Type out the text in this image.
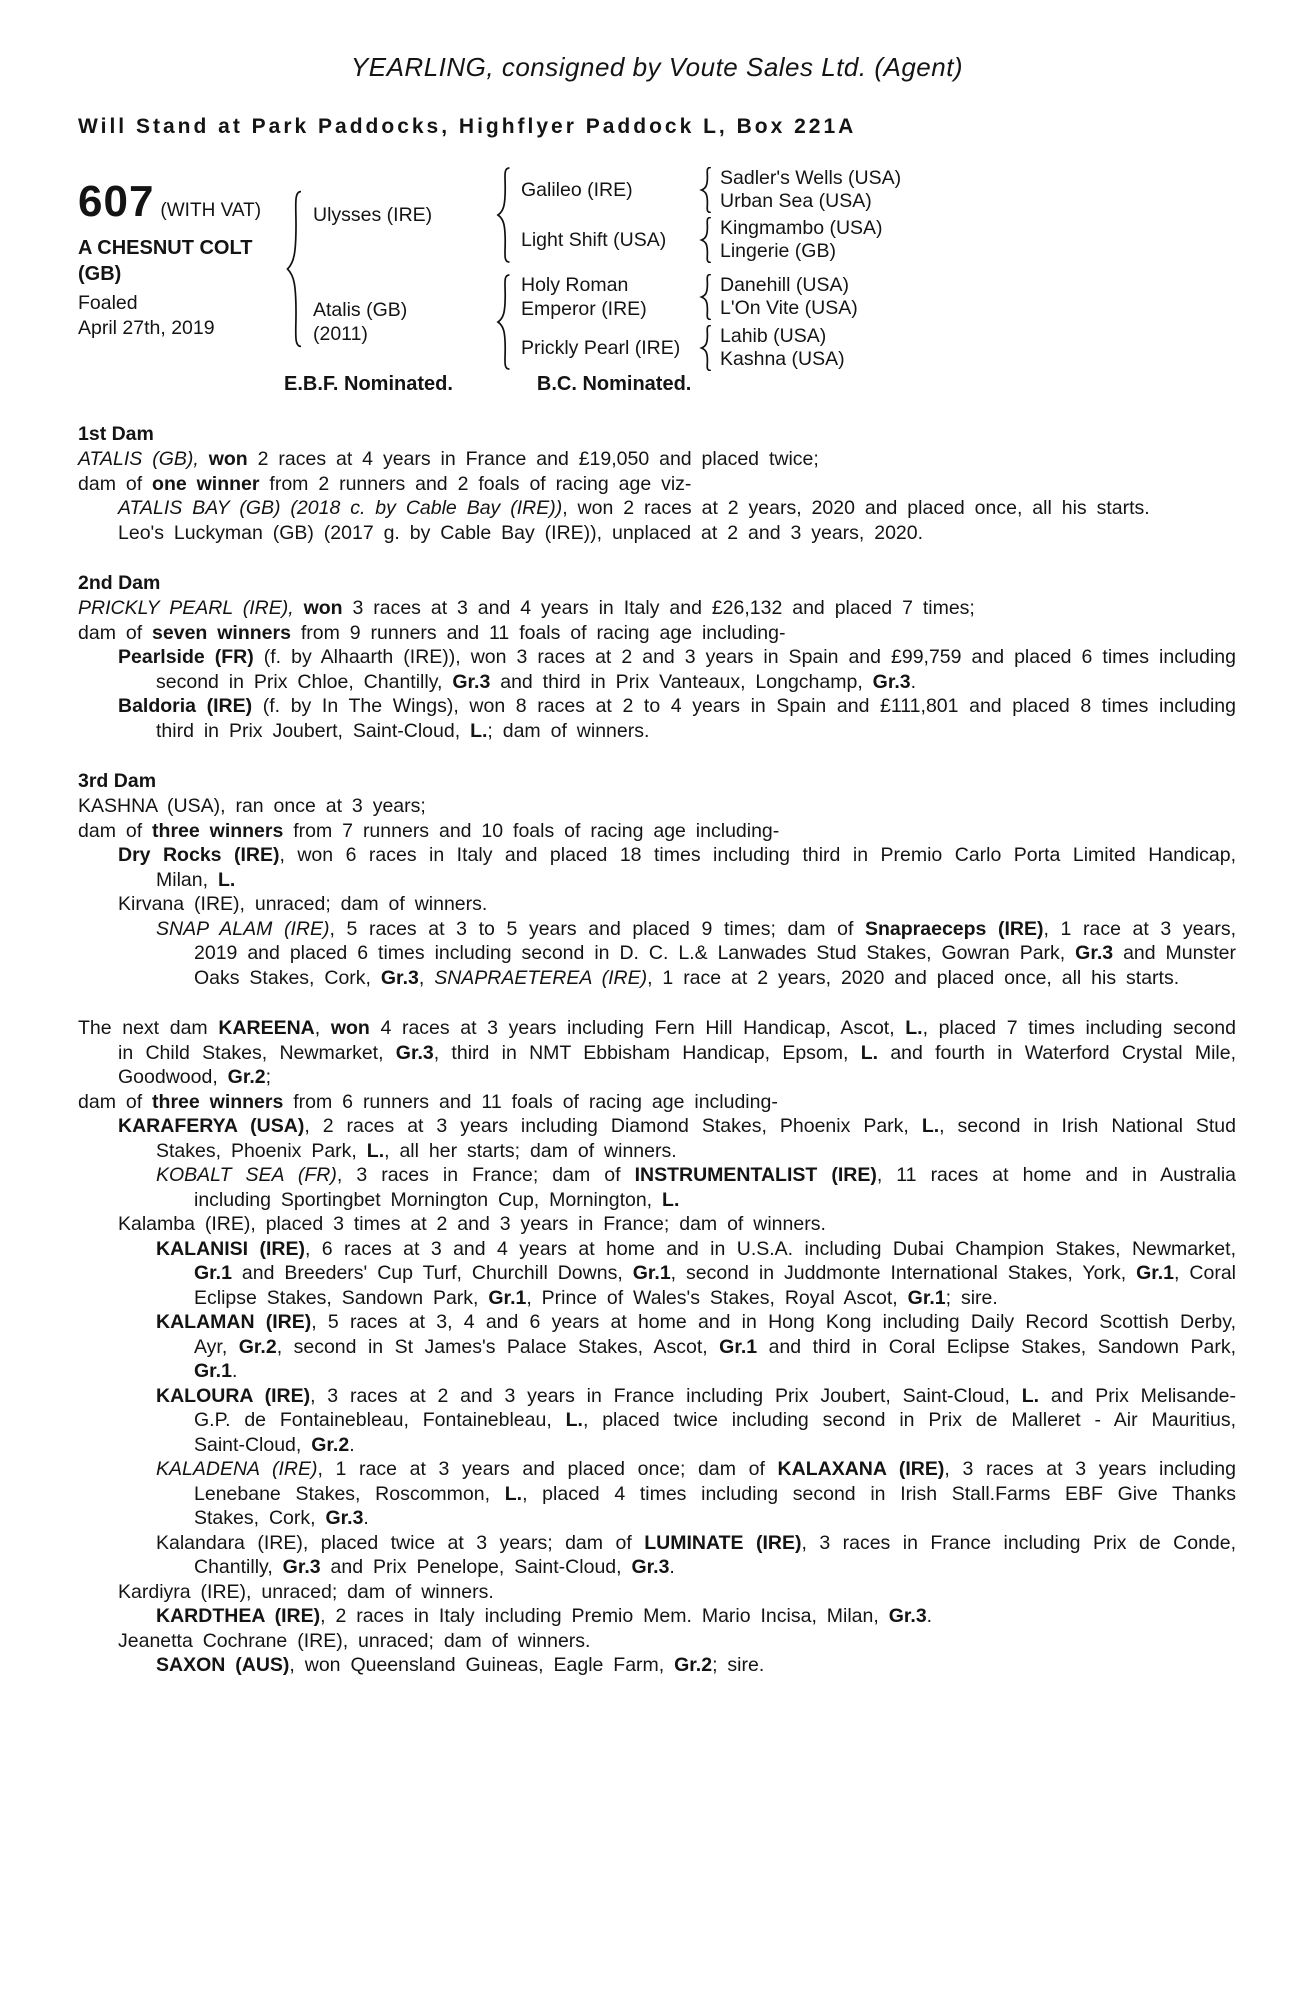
YEARLING, consigned by Voute Sales Ltd. (Agent)
Will Stand at Park Paddocks, Highflyer Paddock L, Box 221A
607 (WITH VAT)
A CHESNUT COLT
(GB)
Foaled
April 27th, 2019
Ulysses (IRE)
Galileo (IRE)
Sadler's Wells (USA)
Urban Sea (USA)
Light Shift (USA)
Kingmambo (USA)
Lingerie (GB)
Atalis (GB)
(2011)
Holy Roman Emperor (IRE)
Danehill (USA)
L'On Vite (USA)
Prickly Pearl (IRE)
Lahib (USA)
Kashna (USA)
E.B.F. Nominated.	B.C. Nominated.
1st Dam

ATALIS (GB), won 2 races at 4 years in France and £19,050 and placed twice;

dam of one winner from 2 runners and 2 foals of racing age viz-

ATALIS BAY (GB) (2018 c. by Cable Bay (IRE)), won 2 races at 2 years, 2020 and placed once, all his starts.

Leo's Luckyman (GB) (2017 g. by Cable Bay (IRE)), unplaced at 2 and 3 years, 2020.

2nd Dam

PRICKLY PEARL (IRE), won 3 races at 3 and 4 years in Italy and £26,132 and placed 7 times;

dam of seven winners from 9 runners and 11 foals of racing age including-

Pearlside (FR) (f. by Alhaarth (IRE)), won 3 races at 2 and 3 years in Spain and £99,759 and placed 6 times including second in Prix Chloe, Chantilly, Gr.3 and third in Prix Vanteaux, Longchamp, Gr.3.

Baldoria (IRE) (f. by In The Wings), won 8 races at 2 to 4 years in Spain and £111,801 and placed 8 times including third in Prix Joubert, Saint-Cloud, L.; dam of winners.

3rd Dam

KASHNA (USA), ran once at 3 years;

dam of three winners from 7 runners and 10 foals of racing age including-

Dry Rocks (IRE), won 6 races in Italy and placed 18 times including third in Premio Carlo Porta Limited Handicap, Milan, L.

Kirvana (IRE), unraced; dam of winners.

SNAP ALAM (IRE), 5 races at 3 to 5 years and placed 9 times; dam of Snapraeceps (IRE), 1 race at 3 years, 2019 and placed 6 times including second in D. C. L.& Lanwades Stud Stakes, Gowran Park, Gr.3 and Munster Oaks Stakes, Cork, Gr.3, SNAPRAETEREA (IRE), 1 race at 2 years, 2020 and placed once, all his starts.

The next dam KAREENA, won 4 races at 3 years including Fern Hill Handicap, Ascot, L., placed 7 times including second in Child Stakes, Newmarket, Gr.3, third in NMT Ebbisham Handicap, Epsom, L. and fourth in Waterford Crystal Mile, Goodwood, Gr.2;

dam of three winners from 6 runners and 11 foals of racing age including-

KARAFERYA (USA), 2 races at 3 years including Diamond Stakes, Phoenix Park, L., second in Irish National Stud Stakes, Phoenix Park, L., all her starts; dam of winners.

KOBALT SEA (FR), 3 races in France; dam of INSTRUMENTALIST (IRE), 11 races at home and in Australia including Sportingbet Mornington Cup, Mornington, L.

Kalamba (IRE), placed 3 times at 2 and 3 years in France; dam of winners.

KALANISI (IRE), 6 races at 3 and 4 years at home and in U.S.A. including Dubai Champion Stakes, Newmarket, Gr.1 and Breeders' Cup Turf, Churchill Downs, Gr.1, second in Juddmonte International Stakes, York, Gr.1, Coral Eclipse Stakes, Sandown Park, Gr.1, Prince of Wales's Stakes, Royal Ascot, Gr.1; sire.

KALAMAN (IRE), 5 races at 3, 4 and 6 years at home and in Hong Kong including Daily Record Scottish Derby, Ayr, Gr.2, second in St James's Palace Stakes, Ascot, Gr.1 and third in Coral Eclipse Stakes, Sandown Park, Gr.1.

KALOURA (IRE), 3 races at 2 and 3 years in France including Prix Joubert, Saint-Cloud, L. and Prix Melisande-G.P. de Fontainebleau, Fontainebleau, L., placed twice including second in Prix de Malleret - Air Mauritius, Saint-Cloud, Gr.2.

KALADENA (IRE), 1 race at 3 years and placed once; dam of KALAXANA (IRE), 3 races at 3 years including Lenebane Stakes, Roscommon, L., placed 4 times including second in Irish Stall.Farms EBF Give Thanks Stakes, Cork, Gr.3.

Kalandara (IRE), placed twice at 3 years; dam of LUMINATE (IRE), 3 races in France including Prix de Conde, Chantilly, Gr.3 and Prix Penelope, Saint-Cloud, Gr.3.

Kardiyra (IRE), unraced; dam of winners.

KARDTHEA (IRE), 2 races in Italy including Premio Mem. Mario Incisa, Milan, Gr.3.

Jeanetta Cochrane (IRE), unraced; dam of winners.

SAXON (AUS), won Queensland Guineas, Eagle Farm, Gr.2; sire.
